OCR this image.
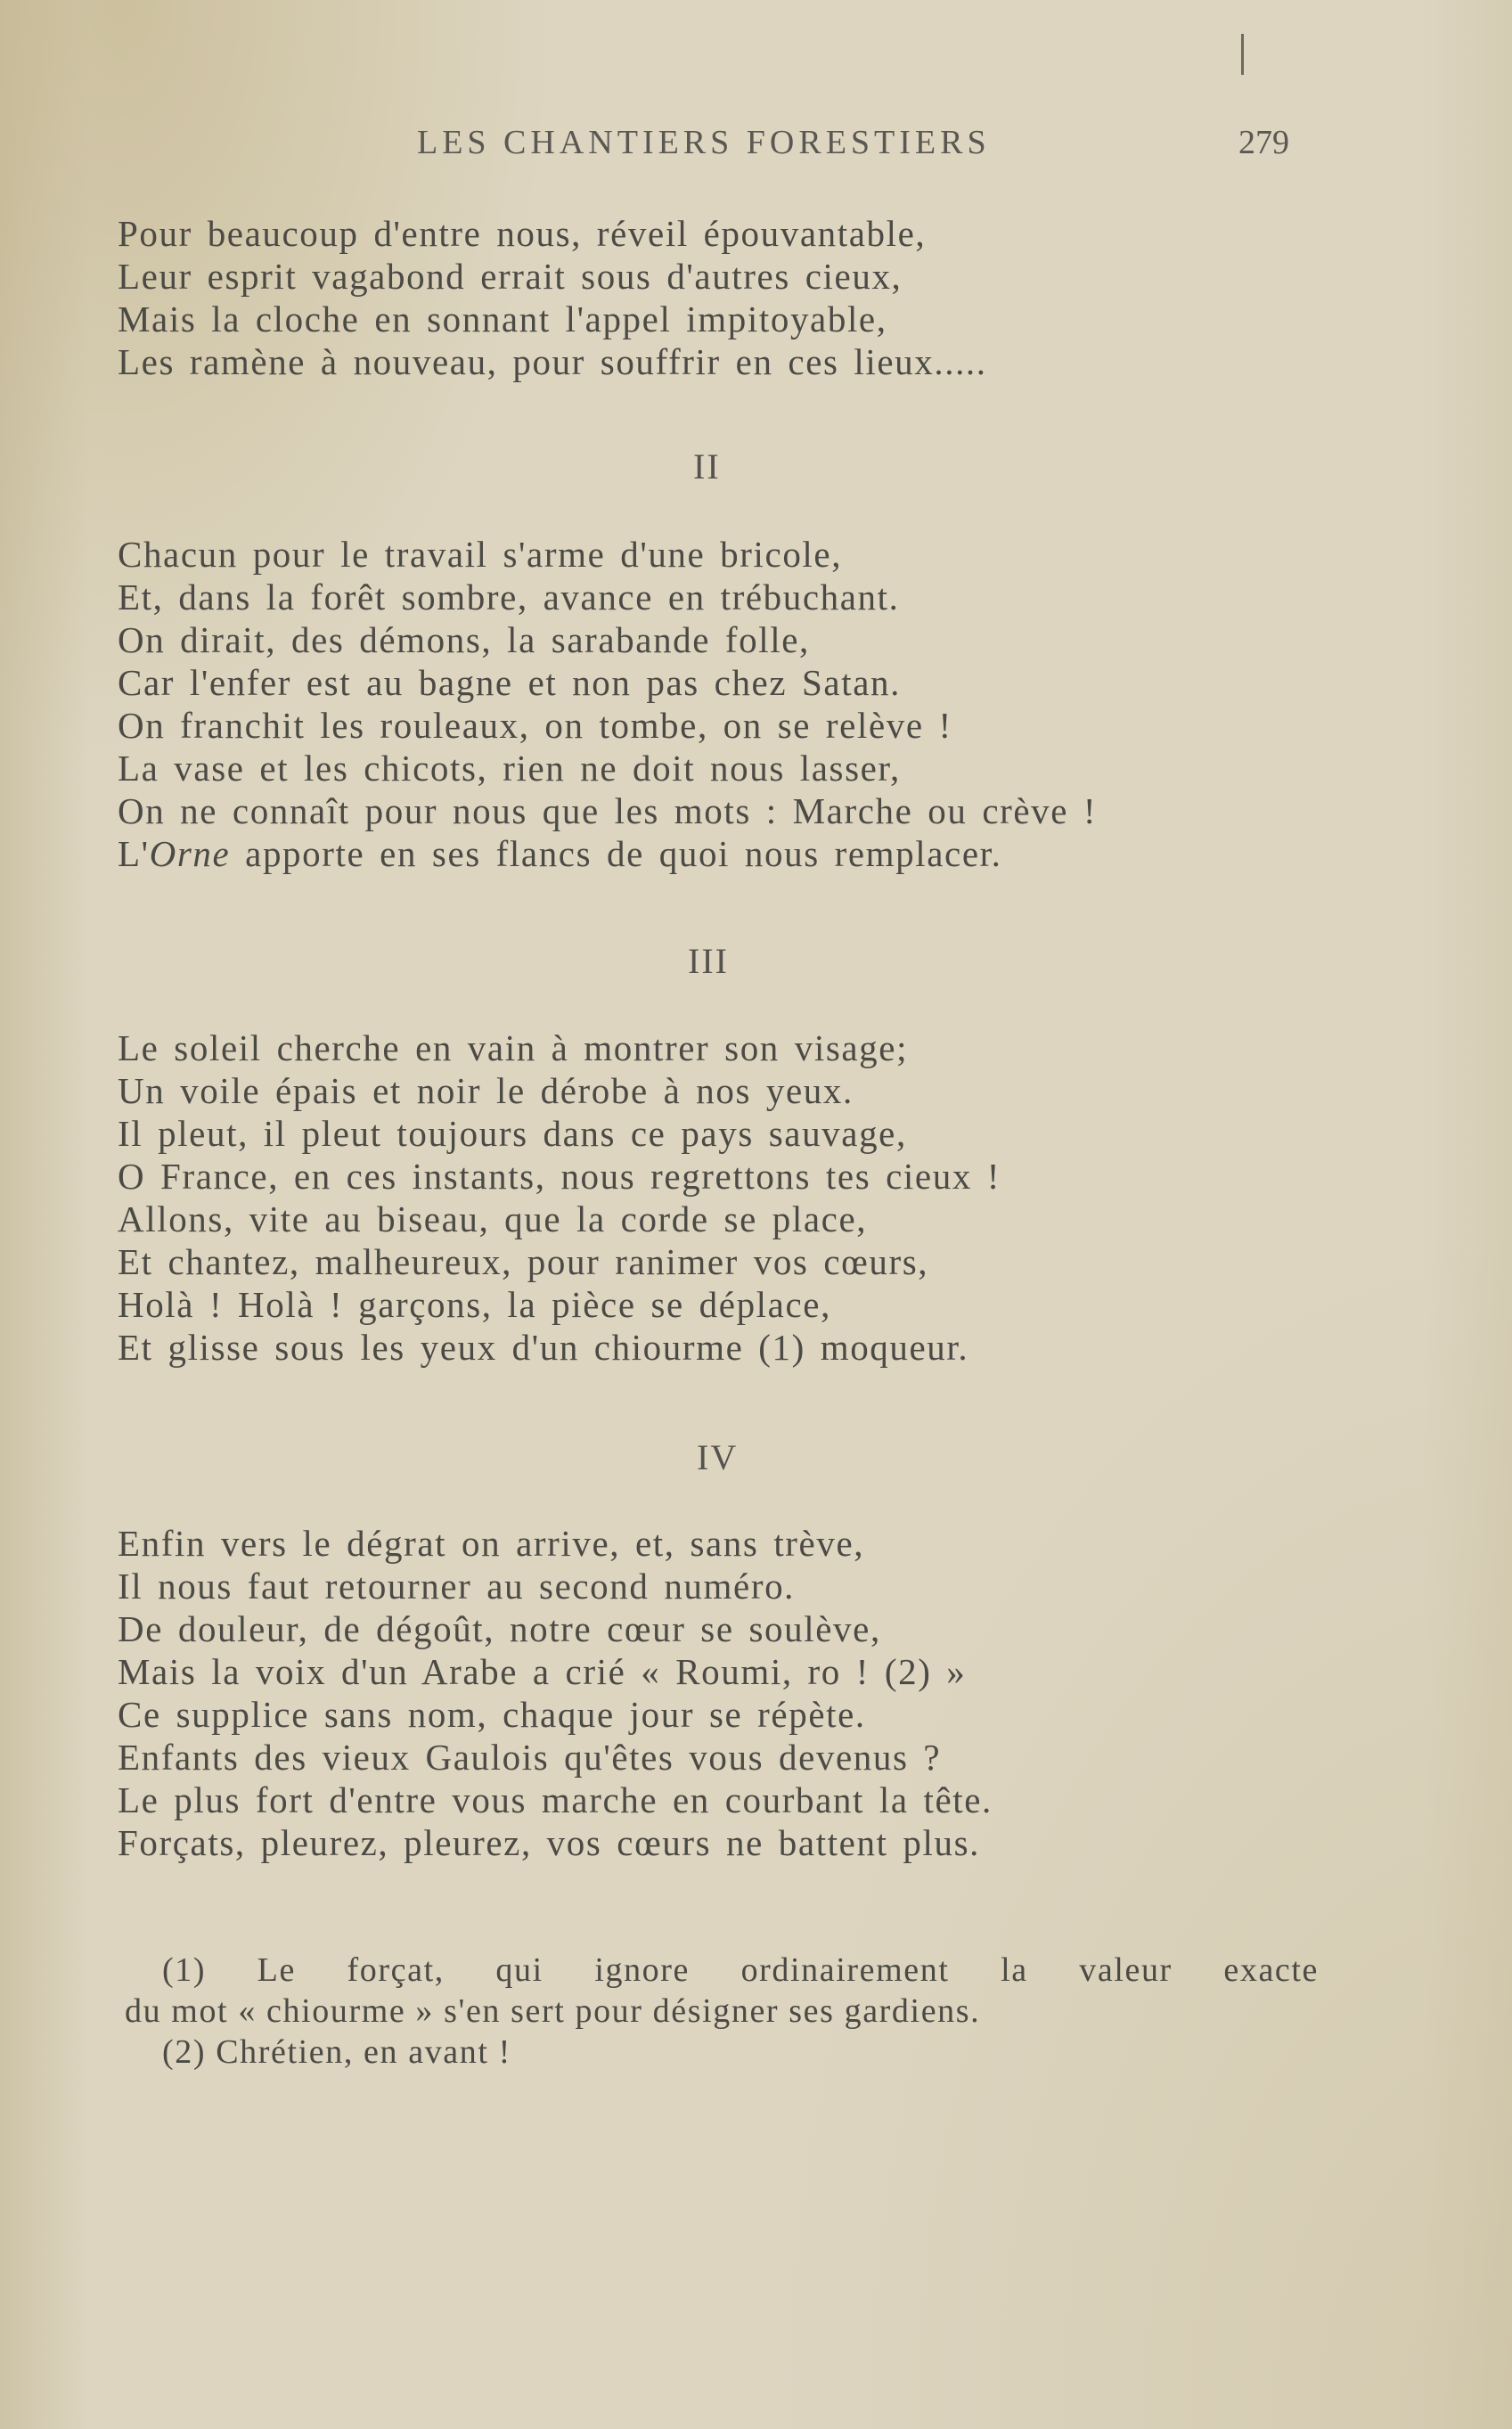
LES CHANTIERS FORESTIERS	279
Pour beaucoup d'entre nous, réveil épouvantable,
Leur esprit vagabond errait sous d'autres cieux,
Mais la cloche en sonnant l'appel impitoyable,
Les ramène à nouveau, pour souffrir en ces lieux.....
II
Chacun pour le travail s'arme d'une bricole,
Et, dans la forêt sombre, avance en trébuchant.
On dirait, des démons, la sarabande folle,
Car l'enfer est au bagne et non pas chez Satan.
On franchit les rouleaux, on tombe, on se relève !
La vase et les chicots, rien ne doit nous lasser,
On ne connaît pour nous que les mots : Marche ou crève !
L'Orne apporte en ses flancs de quoi nous remplacer.
III
Le soleil cherche en vain à montrer son visage;
Un voile épais et noir le dérobe à nos yeux.
Il pleut, il pleut toujours dans ce pays sauvage,
O France, en ces instants, nous regrettons tes cieux !
Allons, vite au biseau, que la corde se place,
Et chantez, malheureux, pour ranimer vos cœurs,
Holà ! Holà ! garçons, la pièce se déplace,
Et glisse sous les yeux d'un chiourme (1) moqueur.
IV
Enfin vers le dégrat on arrive, et, sans trève,
Il nous faut retourner au second numéro.
De douleur, de dégoût, notre cœur se soulève,
Mais la voix d'un Arabe a crié « Roumi, ro ! (2) »
Ce supplice sans nom, chaque jour se répète.
Enfants des vieux Gaulois qu'êtes vous devenus ?
Le plus fort d'entre vous marche en courbant la tête.
Forçats, pleurez, pleurez, vos cœurs ne battent plus.
(1) Le forçat, qui ignore ordinairement la valeur exacte
du mot « chiourme » s'en sert pour désigner ses gardiens.
(2) Chrétien, en avant !
